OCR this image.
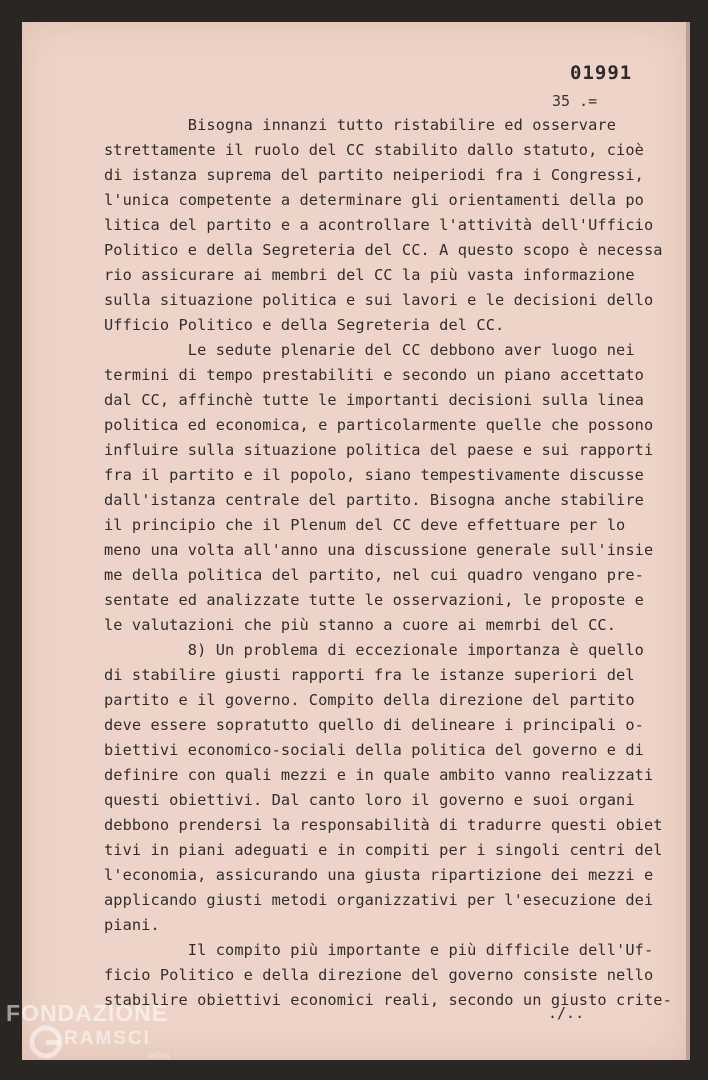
01991
35 .=
Bisogna innanzi tutto ristabilire ed osservare
strettamente il ruolo del CC stabilito dallo statuto, cioè
di istanza suprema del partito neiperiodi fra i Congressi,
l'unica competente a determinare gli orientamenti della po
litica del partito e a acontrollare l'attività dell'Ufficio
Politico e della Segreteria del CC. A questo scopo è necessa
rio assicurare ai membri del CC la più vasta informazione
sulla situazione politica e sui lavori e le decisioni dello
Ufficio Politico e della Segreteria del CC.
Le sedute plenarie del CC debbono aver luogo nei
termini di tempo prestabiliti e secondo un piano accettato
dal CC, affinchè tutte le importanti decisioni sulla linea
politica ed economica, e particolarmente quelle che possono
influire sulla situazione politica del paese e sui rapporti
fra il partito e il popolo, siano tempestivamente discusse
dall'istanza centrale del partito. Bisogna anche stabilire
il principio che il Plenum del CC deve effettuare per lo
meno una volta all'anno una discussione generale sull'insie
me della politica del partito, nel cui quadro vengano pre-
sentate ed analizzate tutte le osservazioni, le proposte e
le valutazioni che più stanno a cuore ai memrbi del CC.
8) Un problema di eccezionale importanza è quello
di stabilire giusti rapporti fra le istanze superiori del
partito e il governo. Compito della direzione del partito
deve essere sopratutto quello di delineare i principali o-
biettivi economico-sociali della politica del governo e di
definire con quali mezzi e in quale ambito vanno realizzati
questi obiettivi. Dal canto loro il governo e suoi organi
debbono prendersi la responsabilità di tradurre questi obiet
tivi in piani adeguati e in compiti per i singoli centri del
l'economia, assicurando una giusta ripartizione dei mezzi e
applicando giusti metodi organizzativi per l'esecuzione dei
piani.
Il compito più importante e più difficile dell'Uf-
ficio Politico e della direzione del governo consiste nello
stabilire obiettivi economici reali, secondo un giusto crite-
./..
FONDAZIONE
RAMSCI
onlus
